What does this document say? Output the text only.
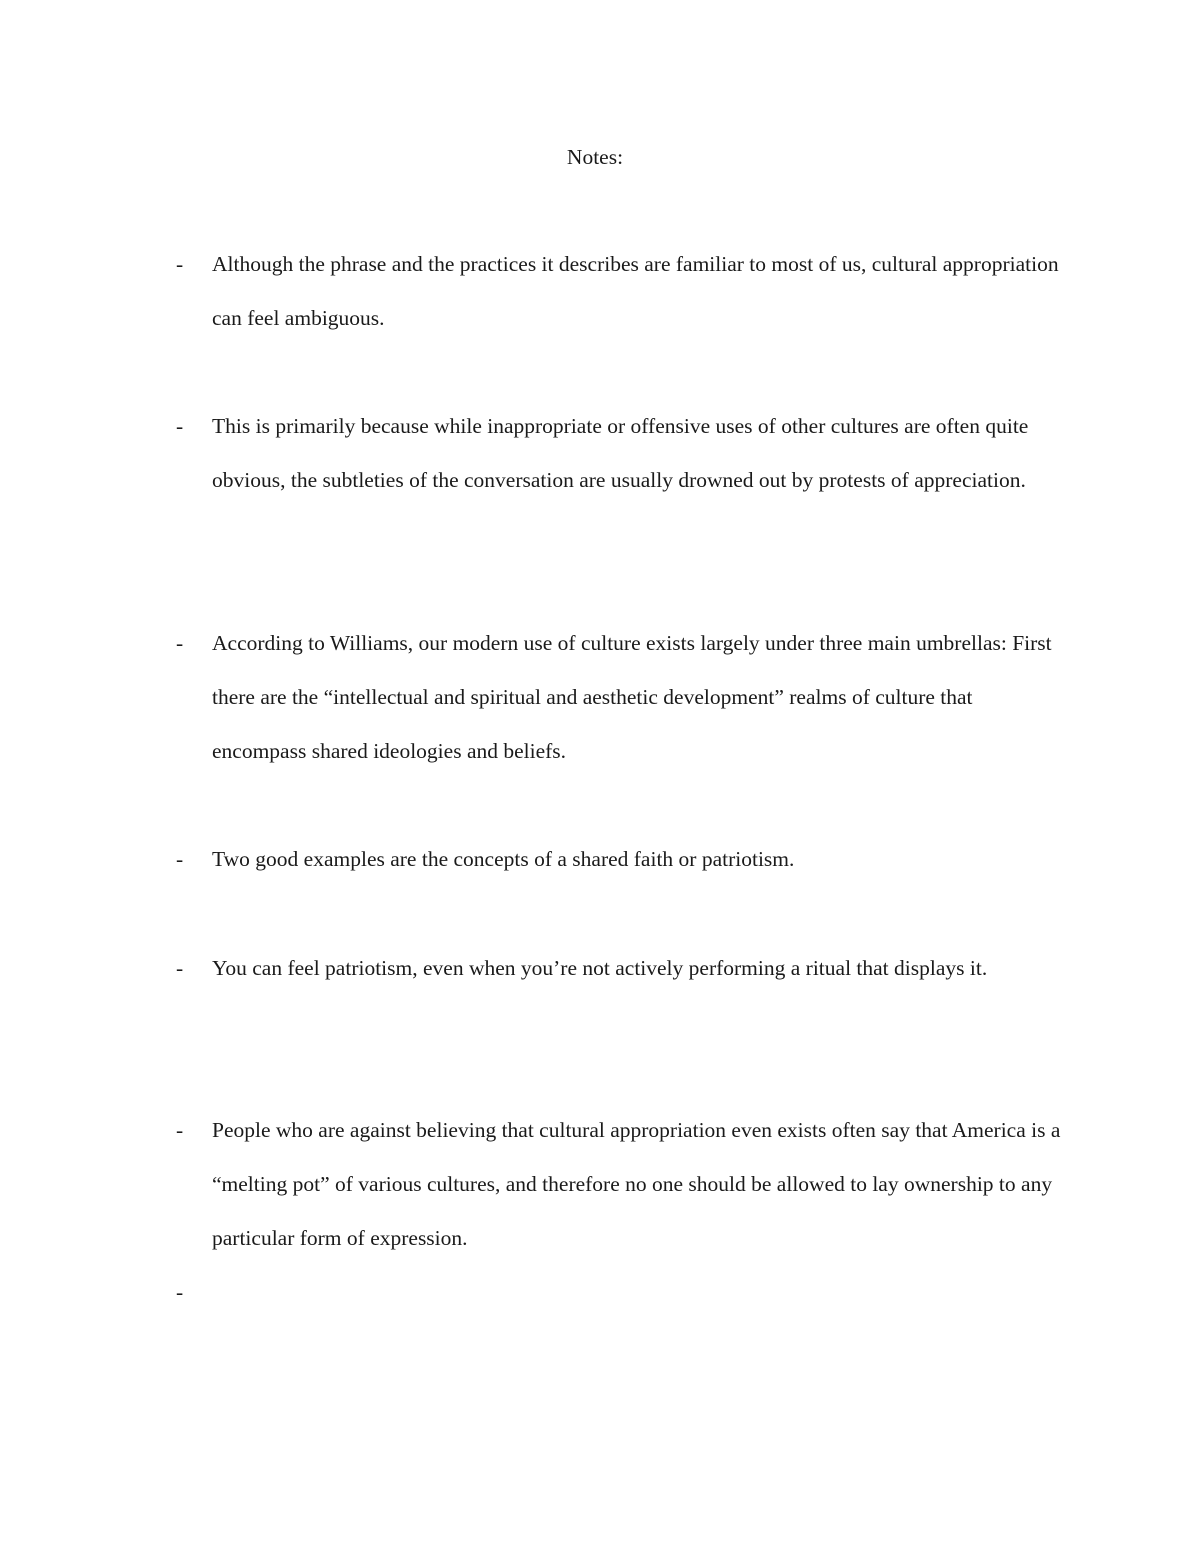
Notes:
-	Although the phrase and the practices it describes are familiar to most of us, cultural appropriation can feel ambiguous.
-	This is primarily because while inappropriate or offensive uses of other cultures are often quite obvious, the subtleties of the conversation are usually drowned out by protests of appreciation.
-	According to Williams, our modern use of culture exists largely under three main umbrellas: First there are the “intellectual and spiritual and aesthetic development” realms of culture that encompass shared ideologies and beliefs.
-	Two good examples are the concepts of a shared faith or patriotism.
-	You can feel patriotism, even when you’re not actively performing a ritual that displays it.
-	People who are against believing that cultural appropriation even exists often say that America is a “melting pot” of various cultures, and therefore no one should be allowed to lay ownership to any particular form of expression.
-
